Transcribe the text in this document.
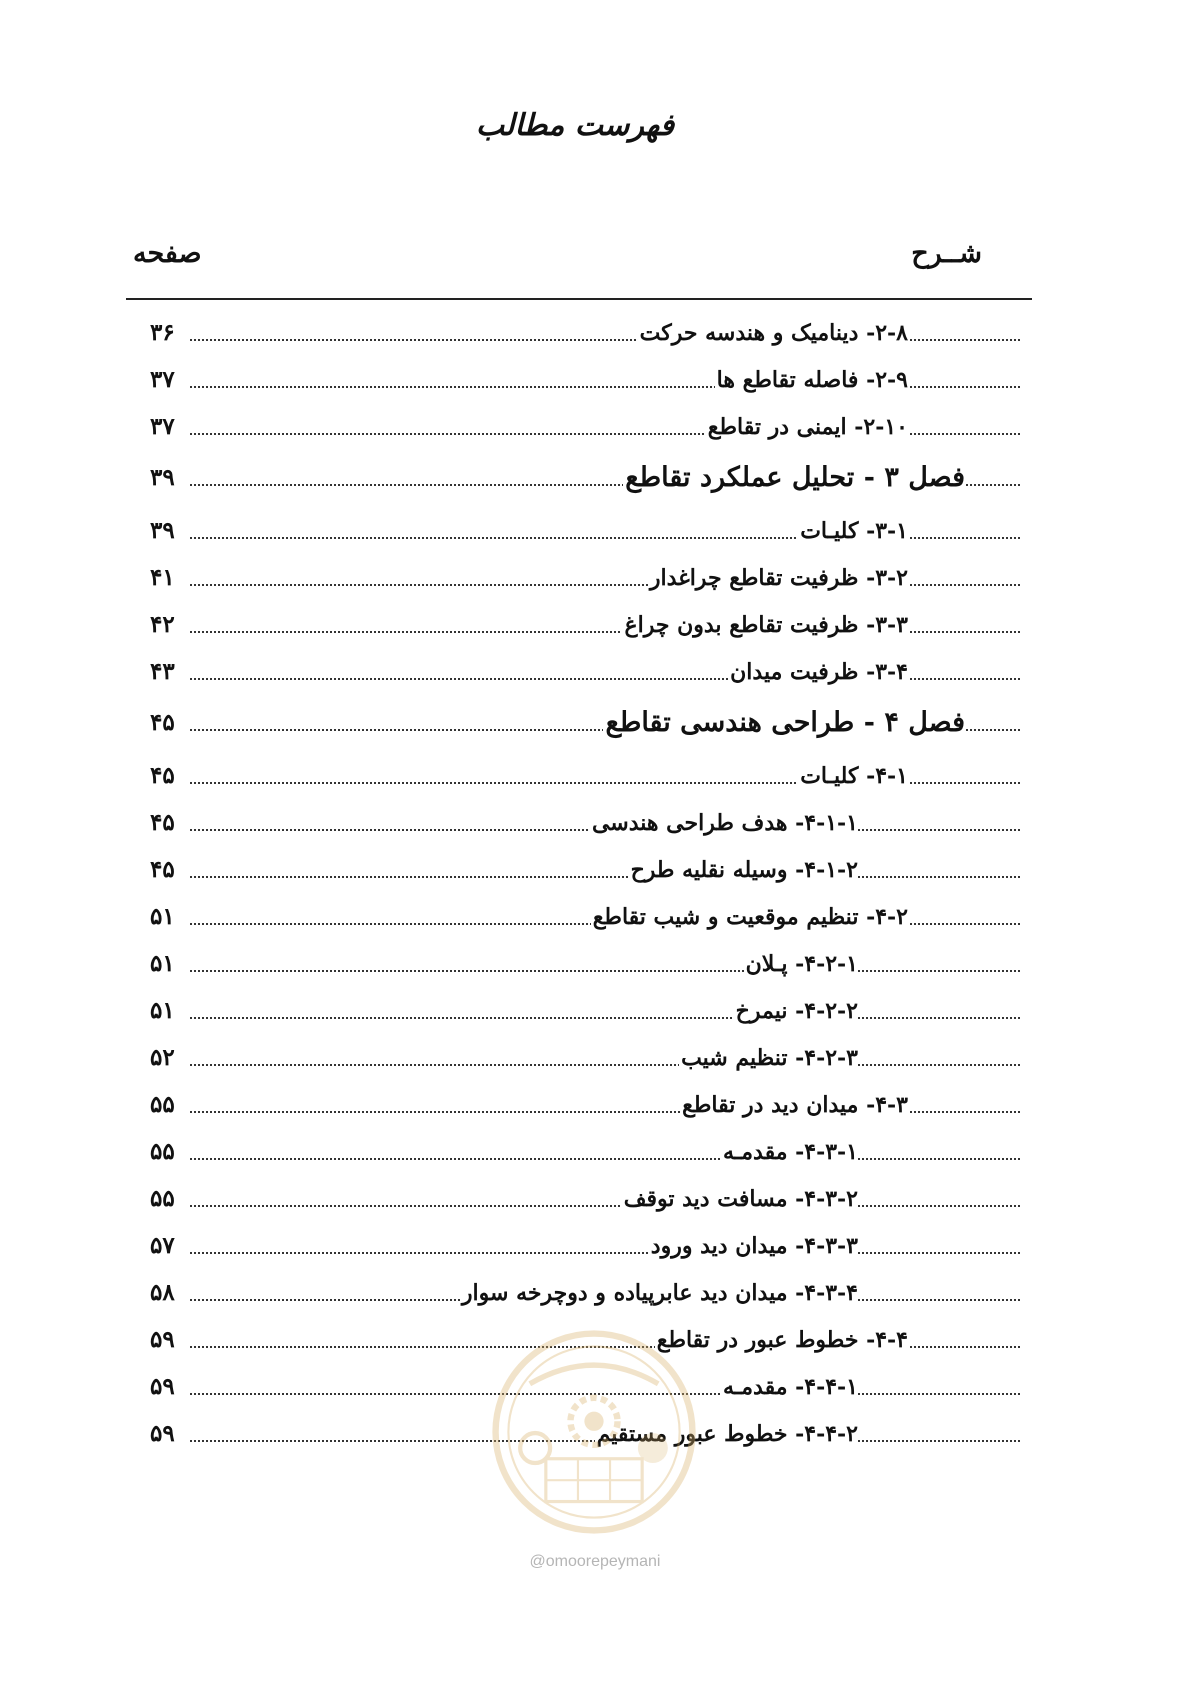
فهرست مطالب
شــرح
صفحه
۲-۸- دینامیک و هندسه حرکت
۳۶
۲-۹- فاصله تقاطع ها
۳۷
۲-۱۰- ایمنی در تقاطع
۳۷
فصل ۳ - تحلیل عملکرد تقاطع
۳۹
۳-۱- کلیـات
۳۹
۳-۲- ظرفیت تقاطع چراغدار
۴۱
۳-۳- ظرفیت تقاطع بدون چراغ
۴۲
۳-۴- ظرفیت میدان
۴۳
فصل ۴ - طراحی هندسی تقاطع
۴۵
۴-۱- کلیـات
۴۵
۴-۱-۱- هدف طراحی هندسی
۴۵
۴-۱-۲- وسیله نقلیه طرح
۴۵
۴-۲- تنظیم موقعیت و شیب تقاطع
۵۱
۴-۲-۱- پـلان
۵۱
۴-۲-۲- نیمرخ
۵۱
۴-۲-۳- تنظیم شیب
۵۲
۴-۳- میدان دید در تقاطع
۵۵
۴-۳-۱- مقدمـه
۵۵
۴-۳-۲- مسافت دید توقف
۵۵
۴-۳-۳- میدان دید ورود
۵۷
۴-۳-۴- میدان دید عابرپیاده و دوچرخه سوار
۵۸
۴-۴- خطوط عبور در تقاطع
۵۹
۴-۴-۱- مقدمـه
۵۹
۴-۴-۲- خطوط عبور مستقیم
۵۹
@omoorepeymani
